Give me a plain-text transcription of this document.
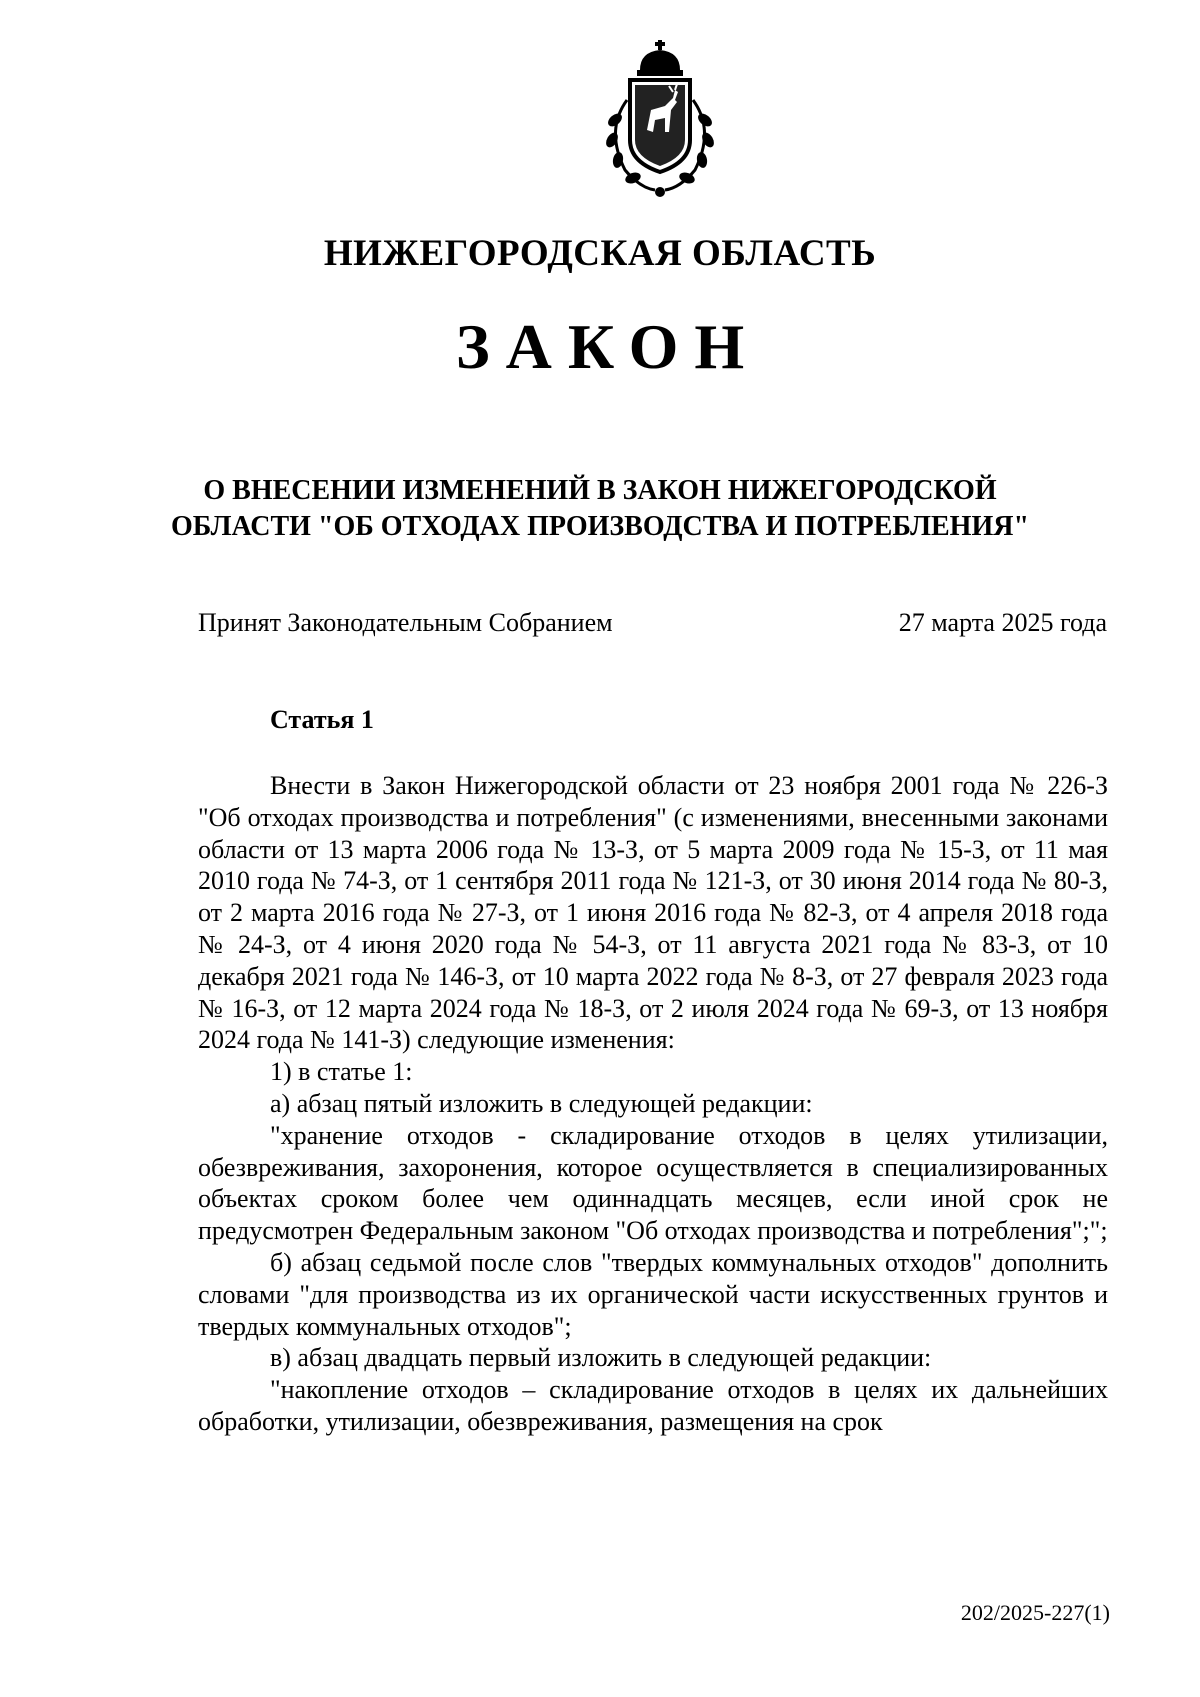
НИЖЕГОРОДСКАЯ ОБЛАСТЬ
ЗАКОН
О ВНЕСЕНИИ ИЗМЕНЕНИЙ В ЗАКОН НИЖЕГОРОДСКОЙ
ОБЛАСТИ "ОБ ОТХОДАХ ПРОИЗВОДСТВА И ПОТРЕБЛЕНИЯ"
Принят Законодательным Собранием	27 марта 2025 года
Статья 1

Внести в Закон Нижегородской области от 23 ноября 2001 года № 226-З "Об отходах производства и потребления" (с изменениями, внесенными законами области от 13 марта 2006 года № 13-З, от 5 марта 2009 года № 15-З, от 11 мая 2010 года № 74-З, от 1 сентября 2011 года № 121-З, от 30 июня 2014 года № 80-З, от 2 марта 2016 года № 27-З, от 1 июня 2016 года № 82-З, от 4 апреля 2018 года № 24-З, от 4 июня 2020 года № 54-З, от 11 августа 2021 года № 83-З, от 10 декабря 2021 года № 146-З, от 10 марта 2022 года № 8-З, от 27 февраля 2023 года № 16-З, от 12 марта 2024 года № 18-З, от 2 июля 2024 года № 69-З, от 13 ноября 2024 года № 141-З) следующие изменения:

1) в статье 1:

а) абзац пятый изложить в следующей редакции:

"хранение отходов - складирование отходов в целях утилизации, обезвреживания, захоронения, которое осуществляется в специализированных объектах сроком более чем одиннадцать месяцев, если иной срок не предусмотрен Федеральным законом "Об отходах производства и потребления";";

б) абзац седьмой после слов "твердых коммунальных отходов" дополнить словами "для производства из их органической части искусственных грунтов и твердых коммунальных отходов";

в) абзац двадцать первый изложить в следующей редакции:

"накопление отходов – складирование отходов в целях их дальнейших обработки, утилизации, обезвреживания, размещения на срок

202/2025-227(1)
